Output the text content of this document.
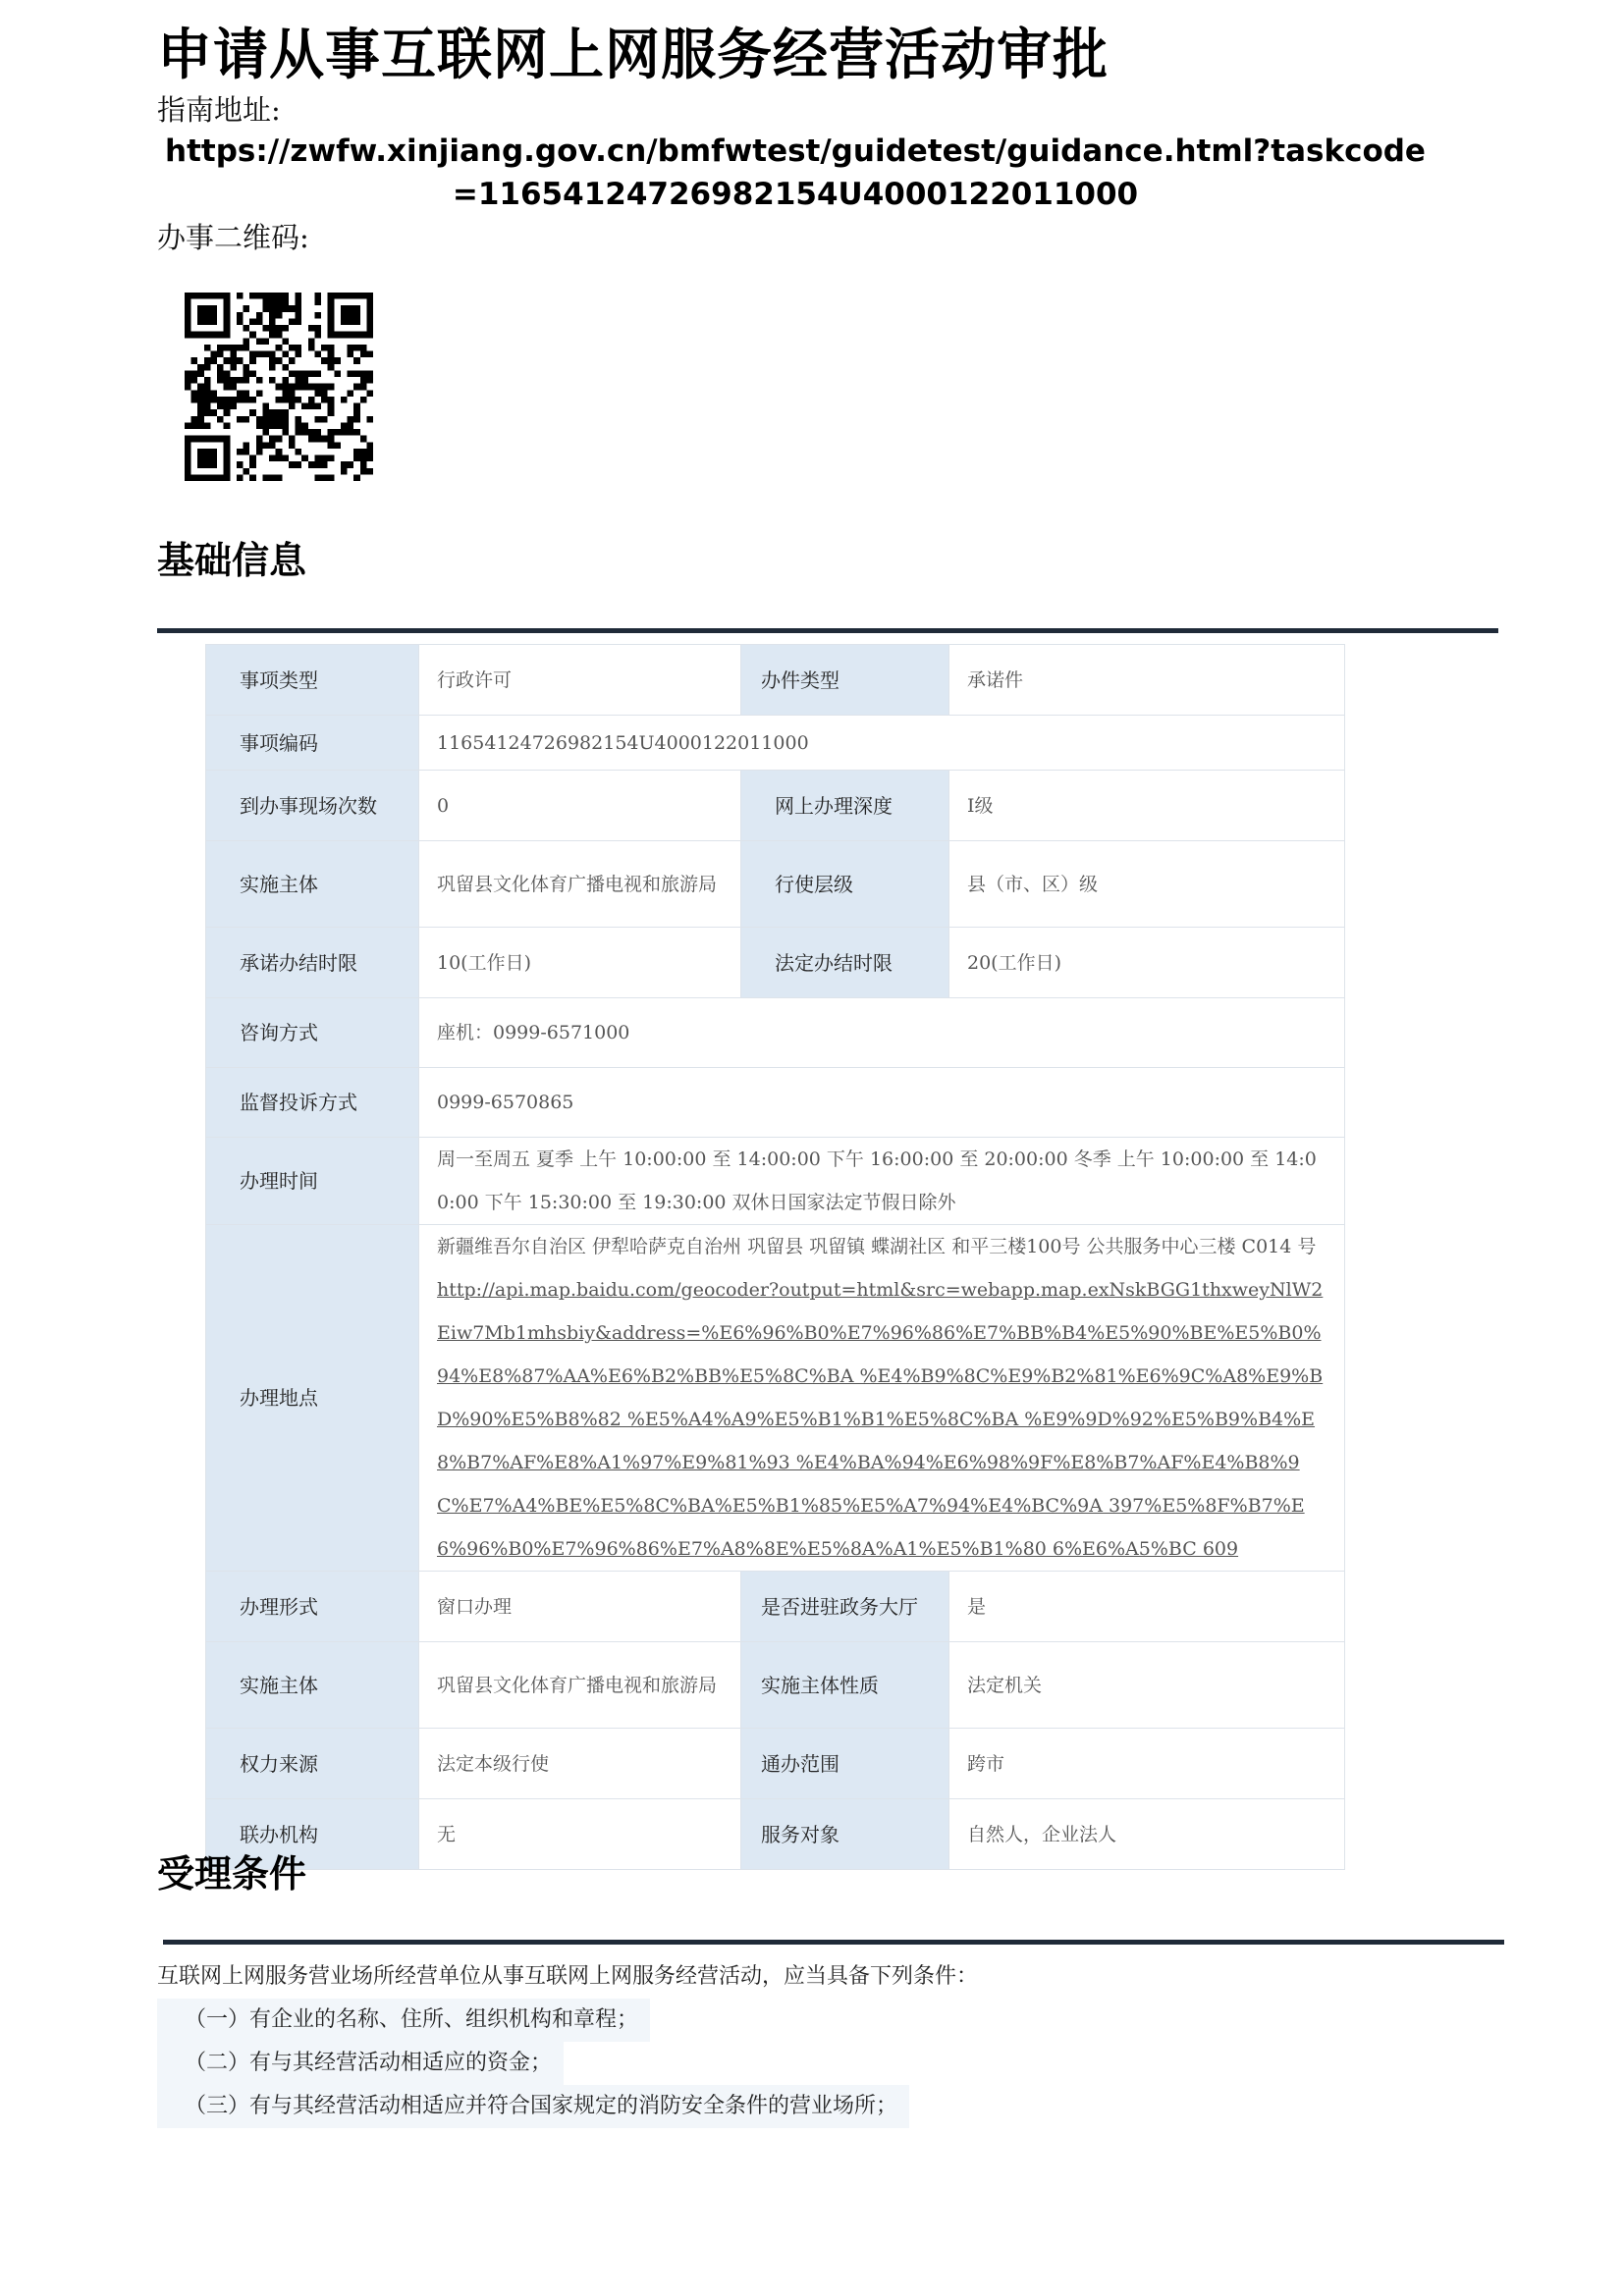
申请从事互联网上网服务经营活动审批
指南地址:
https://zwfw.xinjiang.gov.cn/bmfwtest/guidetest/guidance.html?taskcode=11654124726982154U4000122011000
办事二维码:
基础信息
事项类型	行政许可	办件类型	承诺件
事项编码	11654124726982154U4000122011000		
到办事现场次数	0	网上办理深度	Ⅰ级
实施主体	巩留县文化体育广播电视和旅游局	行使层级	县（市、区）级
承诺办结时限	10(工作日)	法定办结时限	20(工作日)
咨询方式	座机：0999-6571000		
监督投诉方式	0999-6570865		
办理时间	周一至周五 夏季 上午 10:00:00 至 14:00:00 下午 16:00:00 至 20:00:00 冬季 上午 10:00:00 至 14:00:00 下午 15:30:00 至 19:30:00 双休日国家法定节假日除外		
办理地点	新疆维吾尔自治区 伊犁哈萨克自治州 巩留县 巩留镇 蝶湖社区 和平三楼100号 公共服务中心三楼 C014 号
http://api.map.baidu.com/geocoder?output=html&src=webapp.map.exNskBGG1thxweyNlW2Eiw7Mb1mhsbiy&address=%E6%96%B0%E7%96%86%E7%BB%B4%E5%90%BE%E5%B0%94%E8%87%AA%E6%B2%BB%E5%8C%BA %E4%B9%8C%E9%B2%81%E6%9C%A8%E9%BD%90%E5%B8%82 %E5%A4%A9%E5%B1%B1%E5%8C%BA %E9%9D%92%E5%B9%B4%E8%B7%AF%E8%A1%97%E9%81%93 %E4%BA%94%E6%98%9F%E8%B7%AF%E4%B8%9C%E7%A4%BE%E5%8C%BA%E5%B1%85%E5%A7%94%E4%BC%9A 397%E5%8F%B7%E6%96%B0%E7%96%86%E7%A8%8E%E5%8A%A1%E5%B1%80 6%E6%A5%BC 609		
办理形式	窗口办理	是否进驻政务大厅	是
实施主体	巩留县文化体育广播电视和旅游局	实施主体性质	法定机关
权力来源	法定本级行使	通办范围	跨市
联办机构	无	服务对象	自然人，企业法人
受理条件
互联网上网服务营业场所经营单位从事互联网上网服务经营活动，应当具备下列条件：
（一）有企业的名称、住所、组织机构和章程；
（二）有与其经营活动相适应的资金；
（三）有与其经营活动相适应并符合国家规定的消防安全条件的营业场所；
